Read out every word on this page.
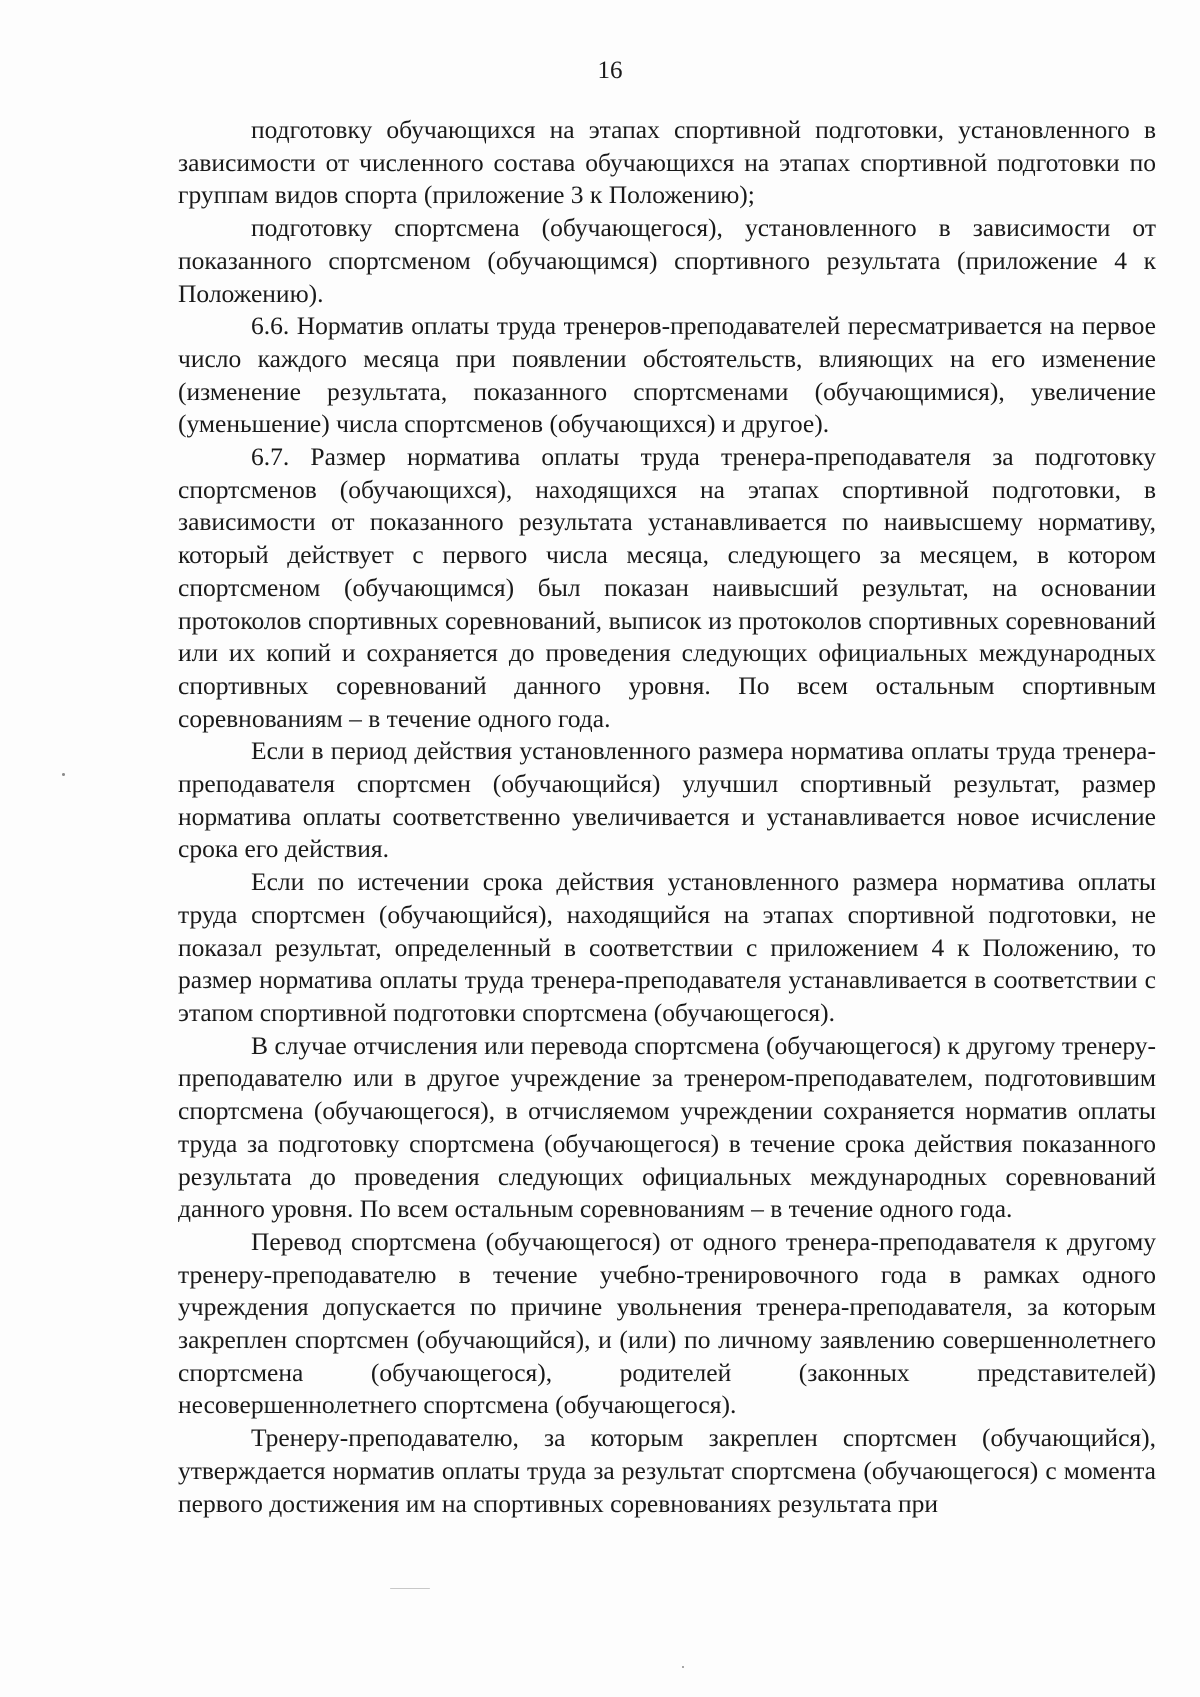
16

подготовку обучающихся на этапах спортивной подготовки, установленного в зависимости от численного состава обучающихся на этапах спортивной подготовки по группам видов спорта (приложение 3 к Положению);

подготовку спортсмена (обучающегося), установленного в зависимости от показанного спортсменом (обучающимся) спортивного результата (приложение 4 к Положению).

6.6. Норматив оплаты труда тренеров-преподавателей пересматривается на первое число каждого месяца при появлении обстоятельств, влияющих на его изменение (изменение результата, показанного спортсменами (обучающимися), увеличение (уменьшение) числа спортсменов (обучающихся) и другое).

6.7. Размер норматива оплаты труда тренера-преподавателя за подготовку спортсменов (обучающихся), находящихся на этапах спортивной подготовки, в зависимости от показанного результата устанавливается по наивысшему нормативу, который действует с первого числа месяца, следующего за месяцем, в котором спортсменом (обучающимся) был показан наивысший результат, на основании протоколов спортивных соревнований, выписок из протоколов спортивных соревнований или их копий и сохраняется до проведения следующих официальных международных спортивных соревнований данного уровня. По всем остальным спортивным соревнованиям – в течение одного года.

Если в период действия установленного размера норматива оплаты труда тренера-преподавателя спортсмен (обучающийся) улучшил спортивный результат, размер норматива оплаты соответственно увеличивается и устанавливается новое исчисление срока его действия.

Если по истечении срока действия установленного размера норматива оплаты труда спортсмен (обучающийся), находящийся на этапах спортивной подготовки, не показал результат, определенный в соответствии с приложением 4 к Положению, то размер норматива оплаты труда тренера-преподавателя устанавливается в соответствии с этапом спортивной подготовки спортсмена (обучающегося).

В случае отчисления или перевода спортсмена (обучающегося) к другому тренеру-преподавателю или в другое учреждение за тренером-преподавателем, подготовившим спортсмена (обучающегося), в отчисляемом учреждении сохраняется норматив оплаты труда за подготовку спортсмена (обучающегося) в течение срока действия показанного результата до проведения следующих официальных международных соревнований данного уровня. По всем остальным соревнованиям – в течение одного года.

Перевод спортсмена (обучающегося) от одного тренера-преподавателя к другому тренеру-преподавателю в течение учебно-тренировочного года в рамках одного учреждения допускается по причине увольнения тренера-преподавателя, за которым закреплен спортсмен (обучающийся), и (или) по личному заявлению совершеннолетнего спортсмена (обучающегося), родителей (законных представителей) несовершеннолетнего спортсмена (обучающегося).

Тренеру-преподавателю, за которым закреплен спортсмен (обучающийся), утверждается норматив оплаты труда за результат спортсмена (обучающегося) с момента первого достижения им на спортивных соревнованиях результата при
